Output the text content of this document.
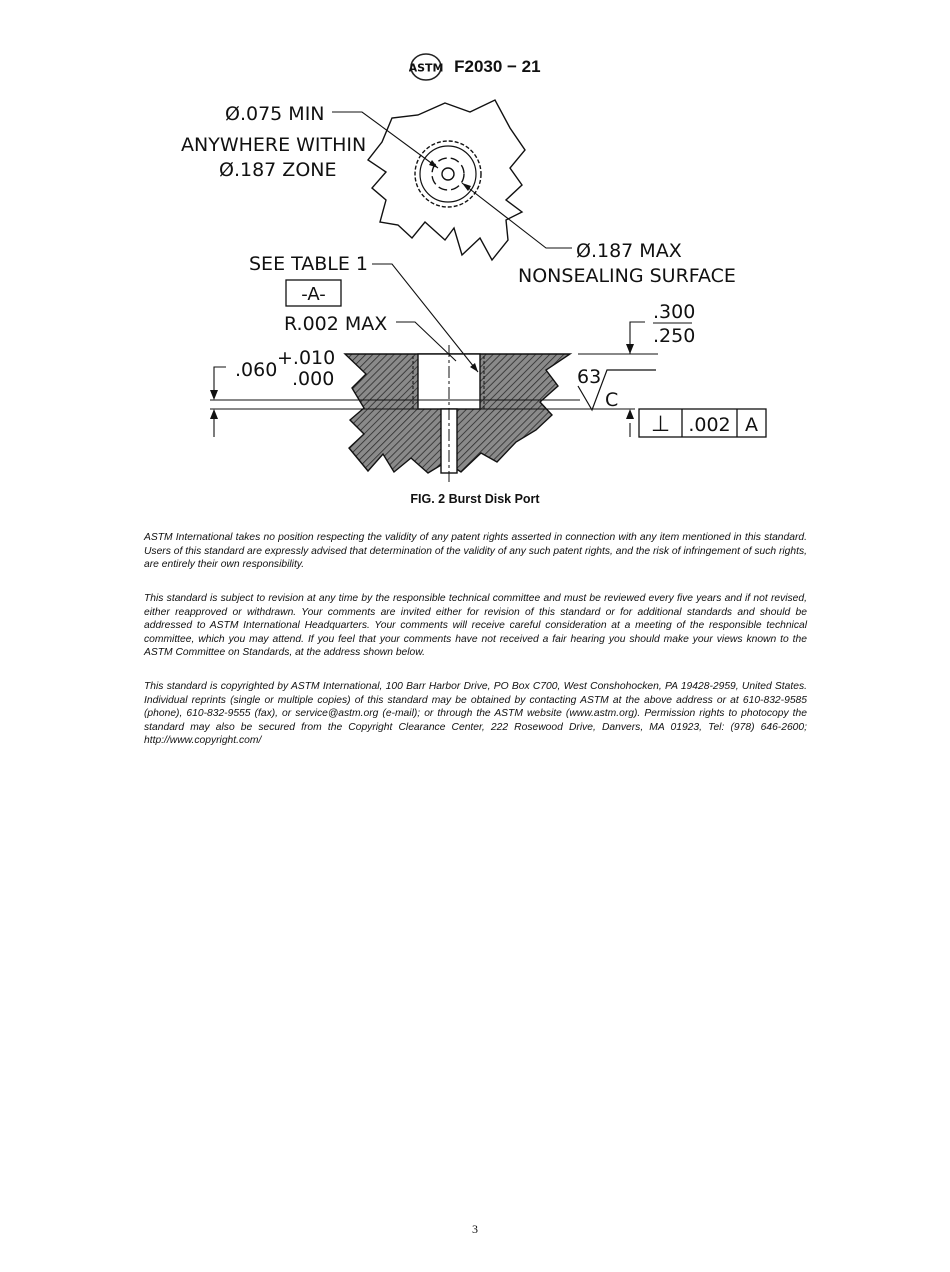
ASTM F2030 − 21
Ø.075 MIN
ANYWHERE WITHIN
Ø.187 ZONE
Ø.187 MAX
NONSEALING SURFACE
SEE TABLE 1
-A-
R.002 MAX
.300
.250
.060
+.010
.000	63
C
⊥ .002 A
FIG. 2 Burst Disk Port

ASTM International takes no position respecting the validity of any patent rights asserted in connection with any item mentioned in this standard. Users of this standard are expressly advised that determination of the validity of any such patent rights, and the risk of infringement of such rights, are entirely their own responsibility.

This standard is subject to revision at any time by the responsible technical committee and must be reviewed every five years and if not revised, either reapproved or withdrawn. Your comments are invited either for revision of this standard or for additional standards and should be addressed to ASTM International Headquarters. Your comments will receive careful consideration at a meeting of the responsible technical committee, which you may attend. If you feel that your comments have not received a fair hearing you should make your views known to the ASTM Committee on Standards, at the address shown below.

This standard is copyrighted by ASTM International, 100 Barr Harbor Drive, PO Box C700, West Conshohocken, PA 19428-2959, United States. Individual reprints (single or multiple copies) of this standard may be obtained by contacting ASTM at the above address or at 610-832-9585 (phone), 610-832-9555 (fax), or service@astm.org (e-mail); or through the ASTM website (www.astm.org). Permission rights to photocopy the standard may also be secured from the Copyright Clearance Center, 222 Rosewood Drive, Danvers, MA 01923, Tel: (978) 646-2600; http://www.copyright.com/

3
